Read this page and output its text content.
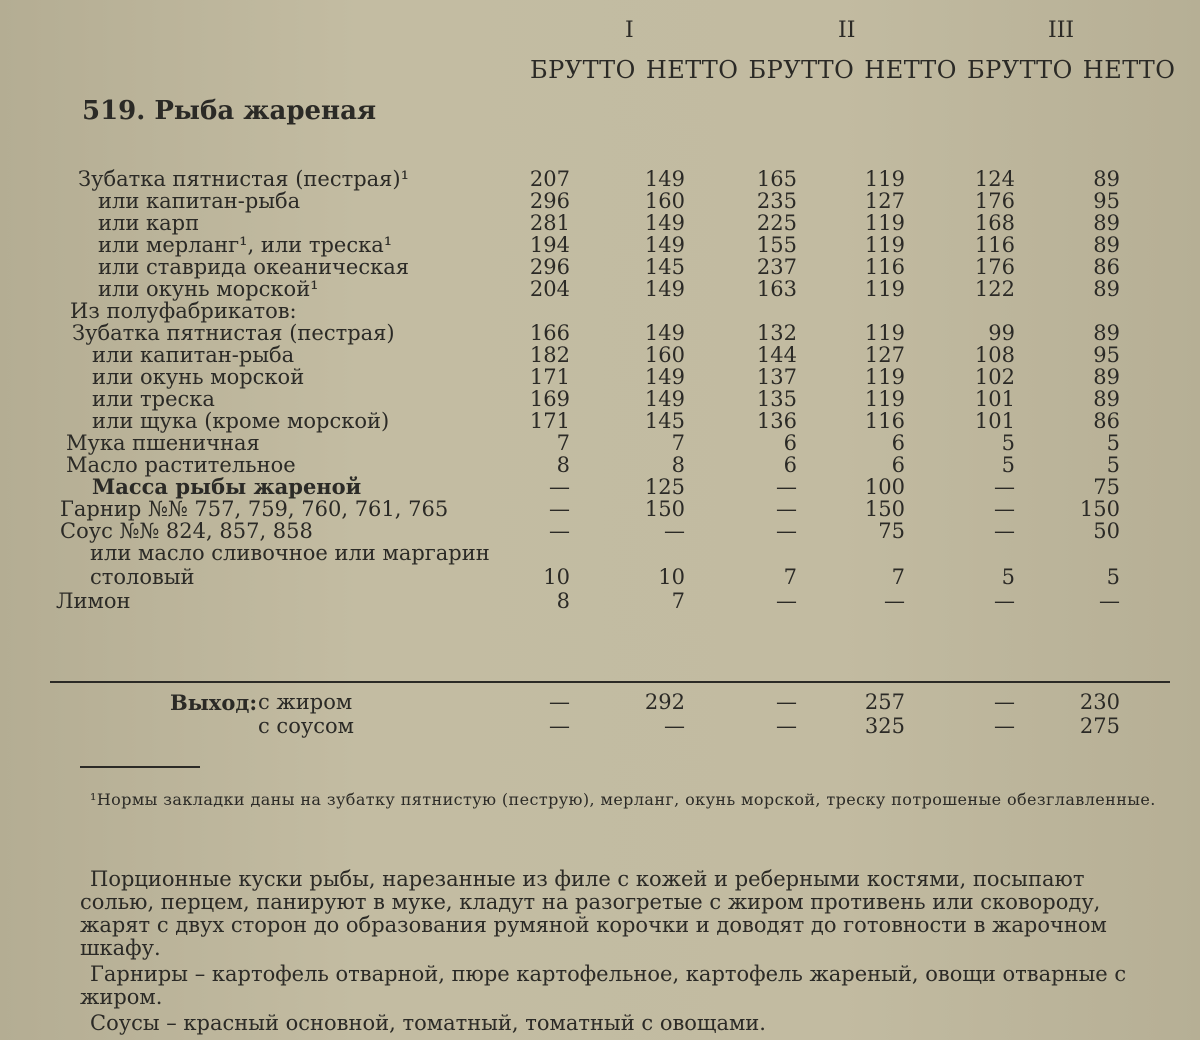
I	II	III
БРУТТО НЕТТО БРУТТО НЕТТО БРУТТО НЕТТО
519. Рыба жареная
Зубатка пятнистая (пестрая)¹	207	149	165	119	124	89
или капитан-рыба	296	160	235	127	176	95
или карп	281	149	225	119	168	89
или мерланг¹, или треска¹	194	149	155	119	116	89
или ставрида океаническая	296	145	237	116	176	86
или окунь морской¹	204	149	163	119	122	89
Из полуфабрикатов:
Зубатка пятнистая (пестрая)	166	149	132	119	99	89
или капитан-рыба	182	160	144	127	108	95
или окунь морской	171	149	137	119	102	89
или треска	169	149	135	119	101	89
или щука (кроме морской)	171	145	136	116	101	86
Мука пшеничная	7	7	6	6	5	5
Масло растительное	8	8	6	6	5	5
Масса рыбы жареной	—	125	—	100	—	75
Гарнир №№ 757, 759, 760, 761, 765	—	150	—	150	—	150
Соус №№ 824, 857, 858	—	—	—	75	—	50
или масло сливочное или маргарин
столовый	10	10	7	7	5	5
Лимон	8	7	—	—	—	—
Выход: с жиром	—	292	—	257	—	230
с соусом	—	—	—	325	—	275
¹Нормы закладки даны на зубатку пятнистую (пеструю), мерланг, окунь морской, треску потрошеные обезглавленные.

Порционные куски рыбы, нарезанные из филе с кожей и реберными костями, посыпают солью, перцем, панируют в муке, кладут на разогретые с жиром противень или сковороду, жарят с двух сторон до образования румяной корочки и доводят до готовности в жарочном шкафу.

Гарниры – картофель отварной, пюре картофельное, картофель жареный, овощи отварные с жиром.

Соусы – красный основной, томатный, томатный с овощами.
